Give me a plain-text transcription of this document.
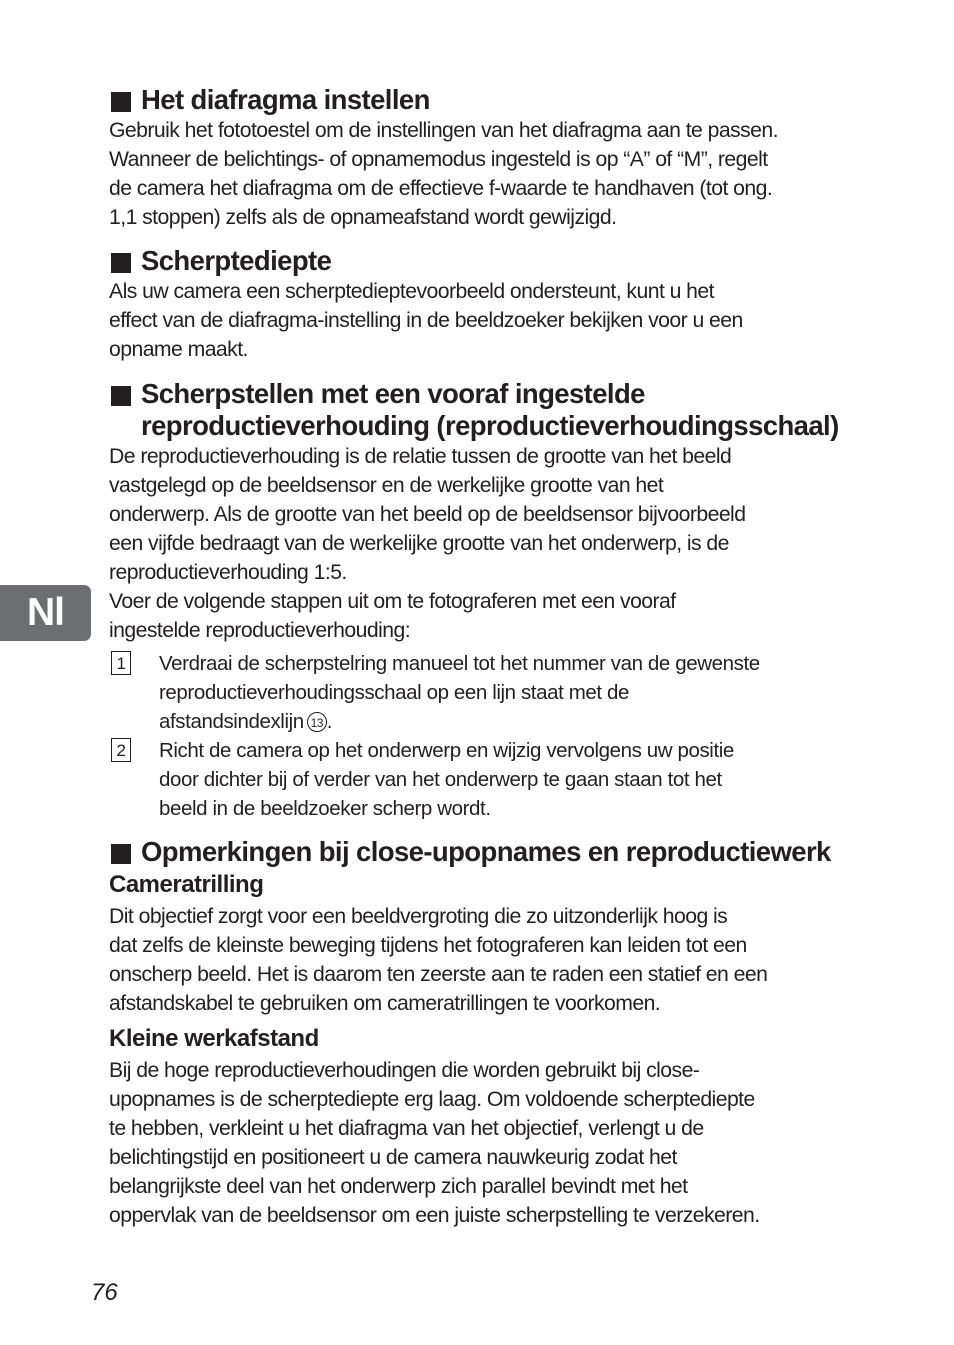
Het diafragma instellen
Gebruik het fototoestel om de instellingen van het diafragma aan te passen.
Wanneer de belichtings- of opnamemodus ingesteld is op “A” of “M”, regelt
de camera het diafragma om de effectieve f-waarde te handhaven (tot ong.
1,1 stoppen) zelfs als de opnameafstand wordt gewijzigd.
Scherptediepte
Als uw camera een scherptedieptevoorbeeld ondersteunt, kunt u het
effect van de diafragma-instelling in de beeldzoeker bekijken voor u een
opname maakt.
Scherpstellen met een vooraf ingestelde
reproductieverhouding (reproductieverhoudingsschaal)
De reproductieverhouding is de relatie tussen de grootte van het beeld
vastgelegd op de beeldsensor en de werkelijke grootte van het
onderwerp. Als de grootte van het beeld op de beeldsensor bijvoorbeeld
een vijfde bedraagt van de werkelijke grootte van het onderwerp, is de
reproductieverhouding 1:5.
Voer de volgende stappen uit om te fotograferen met een vooraf
ingestelde reproductieverhouding:
1 Verdraai de scherpstelring manueel tot het nummer van de gewenste
reproductieverhoudingsschaal op een lijn staat met de
afstandsindexlijn 13 .
2 Richt de camera op het onderwerp en wijzig vervolgens uw positie
door dichter bij of verder van het onderwerp te gaan staan tot het
beeld in de beeldzoeker scherp wordt.
Opmerkingen bij close-upopnames en reproductiewerk
Cameratrilling
Dit objectief zorgt voor een beeldvergroting die zo uitzonderlijk hoog is
dat zelfs de kleinste beweging tijdens het fotograferen kan leiden tot een
onscherp beeld. Het is daarom ten zeerste aan te raden een statief en een
afstandskabel te gebruiken om cameratrillingen te voorkomen.
Kleine werkafstand
Bij de hoge reproductieverhoudingen die worden gebruikt bij close-
upopnames is de scherptediepte erg laag. Om voldoende scherptediepte
te hebben, verkleint u het diafragma van het objectief, verlengt u de
belichtingstijd en positioneert u de camera nauwkeurig zodat het
belangrijkste deel van het onderwerp zich parallel bevindt met het
oppervlak van de beeldsensor om een juiste scherpstelling te verzekeren.
Nl
76
